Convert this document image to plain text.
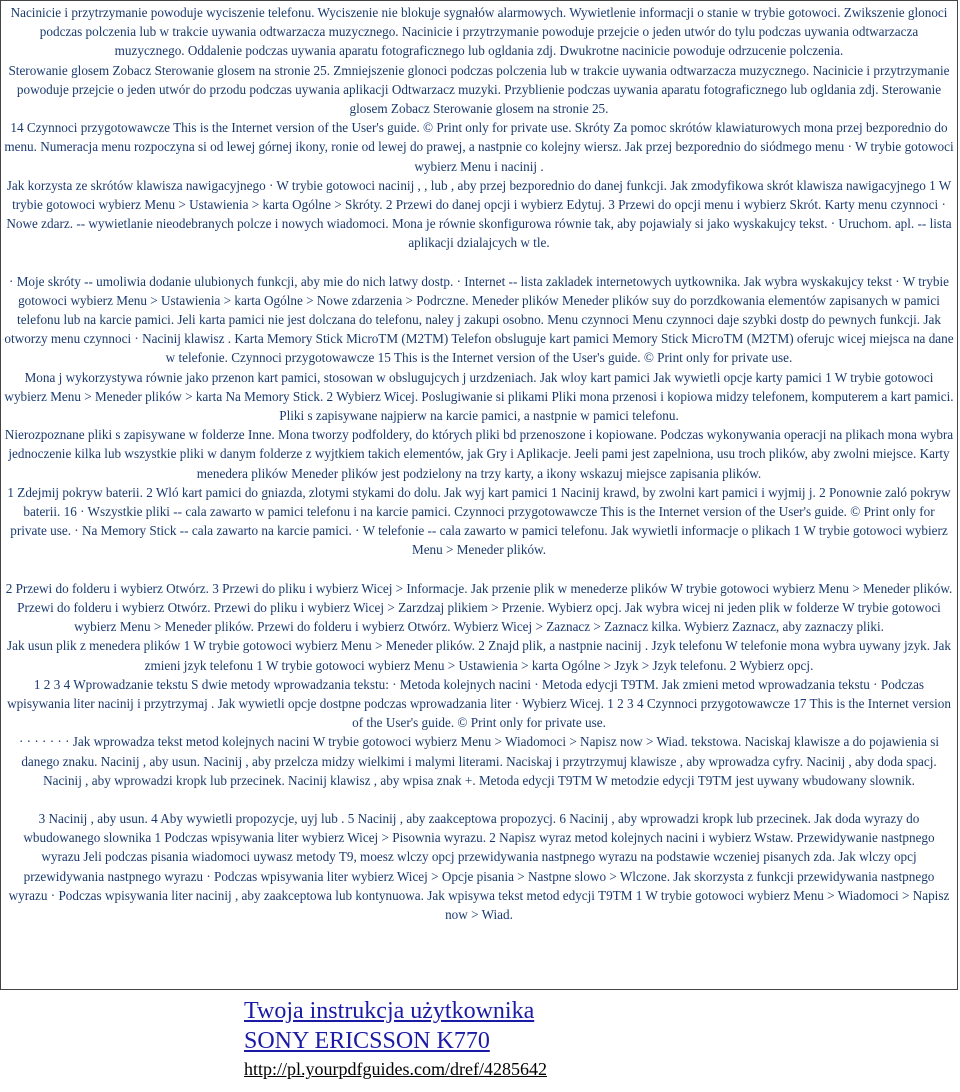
Nacinicie i przytrzymanie powoduje wyciszenie telefonu. Wyciszenie nie blokuje sygnałów alarmowych. Wywietlenie informacji o stanie w trybie gotowoci. Zwikszenie glonoci podczas polczenia lub w trakcie uywania odtwarzacza muzycznego. Nacinicie i przytrzymanie powoduje przejcie o jeden utwór do tylu podczas uywania odtwarzacza muzycznego. Oddalenie podczas uywania aparatu fotograficznego lub ogldania zdj. Dwukrotne nacinicie powoduje odrzucenie polczenia.

Sterowanie glosem Zobacz Sterowanie glosem na stronie 25. Zmniejszenie glonoci podczas polczenia lub w trakcie uywania odtwarzacza muzycznego. Nacinicie i przytrzymanie powoduje przejcie o jeden utwór do przodu podczas uywania aplikacji Odtwarzacz muzyki. Przyblienie podczas uywania aparatu fotograficznego lub ogldania zdj. Sterowanie glosem Zobacz Sterowanie glosem na stronie 25.

14 Czynnoci przygotowawcze This is the Internet version of the User's guide. © Print only for private use. Skróty Za pomoc skrótów klawiaturowych mona przej bezporednio do menu. Numeracja menu rozpoczyna si od lewej górnej ikony, ronie od lewej do prawej, a nastpnie co kolejny wiersz. Jak przej bezporednio do siódmego menu · W trybie gotowoci wybierz Menu i nacinij .

Jak korzysta ze skrótów klawisza nawigacyjnego · W trybie gotowoci nacinij , , lub , aby przej bezporednio do danej funkcji. Jak zmodyfikowa skrót klawisza nawigacyjnego 1 W trybie gotowoci wybierz Menu > Ustawienia > karta Ogólne > Skróty. 2 Przewi do danej opcji i wybierz Edytuj. 3 Przewi do opcji menu i wybierz Skrót. Karty menu czynnoci · Nowe zdarz. -- wywietlanie nieodebranych polcze i nowych wiadomoci. Mona je równie skonfigurowa równie tak, aby pojawialy si jako wyskakujcy tekst. · Uruchom. apl. -- lista aplikacji dzialajcych w tle.

· Moje skróty -- umoliwia dodanie ulubionych funkcji, aby mie do nich latwy dostp. · Internet -- lista zakladek internetowych uytkownika. Jak wybra wyskakujcy tekst · W trybie gotowoci wybierz Menu > Ustawienia > karta Ogólne > Nowe zdarzenia > Podrczne. Meneder plików Meneder plików suy do porzdkowania elementów zapisanych w pamici telefonu lub na karcie pamici. Jeli karta pamici nie jest dolczana do telefonu, naley j zakupi osobno. Menu czynnoci Menu czynnoci daje szybki dostp do pewnych funkcji. Jak otworzy menu czynnoci · Nacinij klawisz . Karta Memory Stick MicroTM (M2TM) Telefon obsluguje kart pamici Memory Stick MicroTM (M2TM) oferujc wicej miejsca na dane w telefonie. Czynnoci przygotowawcze 15 This is the Internet version of the User's guide. © Print only for private use.

Mona j wykorzystywa równie jako przenon kart pamici, stosowan w obslugujcych j urzdzeniach. Jak wloy kart pamici Jak wywietli opcje karty pamici 1 W trybie gotowoci wybierz Menu > Meneder plików > karta Na Memory Stick. 2 Wybierz Wicej. Poslugiwanie si plikami Pliki mona przenosi i kopiowa midzy telefonem, komputerem a kart pamici. Pliki s zapisywane najpierw na karcie pamici, a nastpnie w pamici telefonu.

Nierozpoznane pliki s zapisywane w folderze Inne. Mona tworzy podfoldery, do których pliki bd przenoszone i kopiowane. Podczas wykonywania operacji na plikach mona wybra jednoczenie kilka lub wszystkie pliki w danym folderze z wyjtkiem takich elementów, jak Gry i Aplikacje. Jeeli pami jest zapelniona, usu troch plików, aby zwolni miejsce. Karty menedera plików Meneder plików jest podzielony na trzy karty, a ikony wskazuj miejsce zapisania plików.

1 Zdejmij pokryw baterii. 2 Wló kart pamici do gniazda, zlotymi stykami do dolu. Jak wyj kart pamici 1 Nacinij krawd, by zwolni kart pamici i wyjmij j. 2 Ponownie zaló pokryw baterii. 16 · Wszystkie pliki -- cala zawarto w pamici telefonu i na karcie pamici. Czynnoci przygotowawcze This is the Internet version of the User's guide. © Print only for private use. · Na Memory Stick -- cala zawarto na karcie pamici. · W telefonie -- cala zawarto w pamici telefonu. Jak wywietli informacje o plikach 1 W trybie gotowoci wybierz Menu > Meneder plików.

2 Przewi do folderu i wybierz Otwórz. 3 Przewi do pliku i wybierz Wicej > Informacje. Jak przenie plik w menederze plików W trybie gotowoci wybierz Menu > Meneder plików. Przewi do folderu i wybierz Otwórz. Przewi do pliku i wybierz Wicej > Zarzdzaj plikiem > Przenie. Wybierz opcj. Jak wybra wicej ni jeden plik w folderze W trybie gotowoci wybierz Menu > Meneder plików. Przewi do folderu i wybierz Otwórz. Wybierz Wicej > Zaznacz > Zaznacz kilka. Wybierz Zaznacz, aby zaznaczy pliki.

Jak usun plik z menedera plików 1 W trybie gotowoci wybierz Menu > Meneder plików. 2 Znajd plik, a nastpnie nacinij . Jzyk telefonu W telefonie mona wybra uywany jzyk. Jak zmieni jzyk telefonu 1 W trybie gotowoci wybierz Menu > Ustawienia > karta Ogólne > Jzyk > Jzyk telefonu. 2 Wybierz opcj.

1 2 3 4 Wprowadzanie tekstu S dwie metody wprowadzania tekstu: · Metoda kolejnych nacini · Metoda edycji T9TM. Jak zmieni metod wprowadzania tekstu · Podczas wpisywania liter nacinij i przytrzymaj . Jak wywietli opcje dostpne podczas wprowadzania liter · Wybierz Wicej. 1 2 3 4 Czynnoci przygotowawcze 17 This is the Internet version of the User's guide. © Print only for private use.

· · · · · · · Jak wprowadza tekst metod kolejnych nacini W trybie gotowoci wybierz Menu > Wiadomoci > Napisz now > Wiad. tekstowa. Naciskaj klawisze a do pojawienia si danego znaku. Nacinij , aby usun. Nacinij , aby przelcza midzy wielkimi i malymi literami. Naciskaj i przytrzymuj klawisze , aby wprowadza cyfry. Nacinij , aby doda spacj. Nacinij , aby wprowadzi kropk lub przecinek. Nacinij klawisz , aby wpisa znak +. Metoda edycji T9TM W metodzie edycji T9TM jest uywany wbudowany slownik.

3 Nacinij , aby usun. 4 Aby wywietli propozycje, uyj lub . 5 Nacinij , aby zaakceptowa propozycj. 6 Nacinij , aby wprowadzi kropk lub przecinek. Jak doda wyrazy do wbudowanego slownika 1 Podczas wpisywania liter wybierz Wicej > Pisownia wyrazu. 2 Napisz wyraz metod kolejnych nacini i wybierz Wstaw. Przewidywanie nastpnego wyrazu Jeli podczas pisania wiadomoci uywasz metody T9, moesz wlczy opcj przewidywania nastpnego wyrazu na podstawie wczeniej pisanych zda. Jak wlczy opcj przewidywania nastpnego wyrazu · Podczas wpisywania liter wybierz Wicej > Opcje pisania > Nastpne slowo > Wlczone. Jak skorzysta z funkcji przewidywania nastpnego wyrazu · Podczas wpisywania liter nacinij , aby zaakceptowa lub kontynuowa. Jak wpisywa tekst metod edycji T9TM 1 W trybie gotowoci wybierz Menu > Wiadomoci > Napisz now > Wiad.

Twoja instrukcja użytkownika
SONY ERICSSON K770
http://pl.yourpdfguides.com/dref/4285642
